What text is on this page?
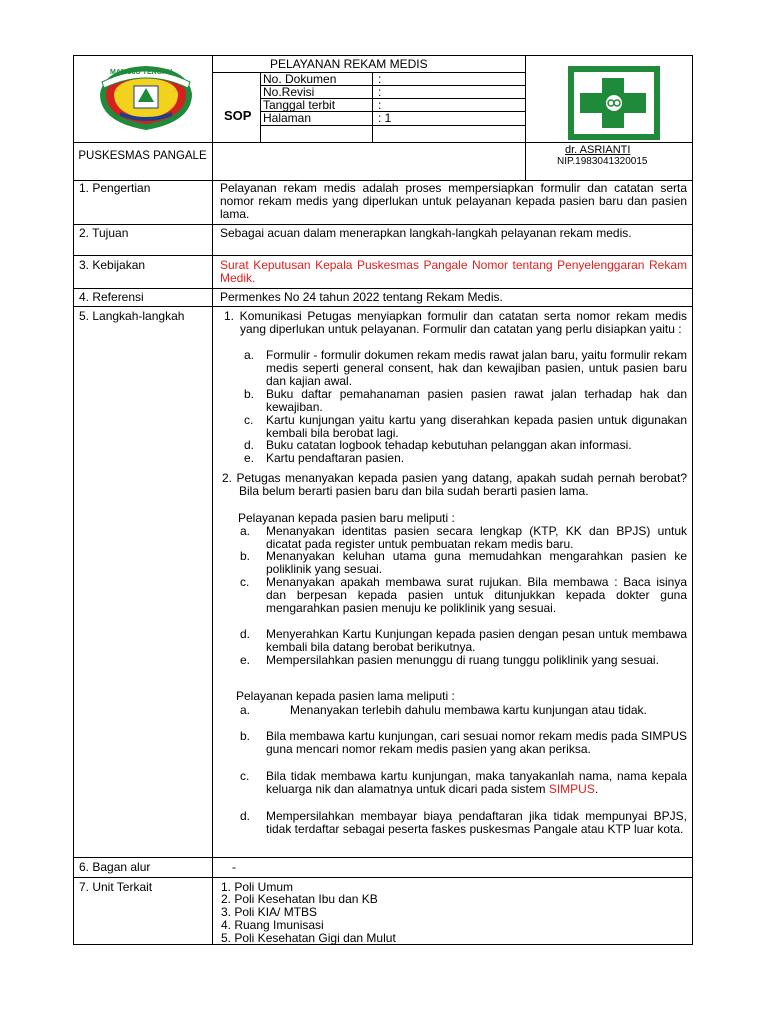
MAMUJU TENGAH
PELAYANAN REKAM MEDIS
SOP
No. Dokumen	:
No.Revisi	:
Tanggal terbit	:
Halaman	: 1
PUSKESMAS PANGALE	dr. ASRIANTI
NIP.1983041320015
1. Pengertian	Pelayanan rekam medis adalah proses mempersiapkan formulir dan catatan serta nomor rekam medis yang diperlukan untuk pelayanan kepada pasien baru dan pasien lama.
2. Tujuan	Sebagai acuan dalam menerapkan langkah-langkah pelayanan rekam medis.
3. Kebijakan	Surat Keputusan Kepala Puskesmas Pangale Nomor tentang Penyelenggaran Rekam Medik.
4. Referensi	Permenkes No 24 tahun 2022 tentang Rekam Medis.
5. Langkah-langkah	1. Komunikasi Petugas menyiapkan formulir dan catatan serta nomor rekam medis yang diperlukan untuk pelayanan. Formulir dan catatan yang perlu disiapkan yaitu :
a. Formulir - formulir dokumen rekam medis rawat jalan baru, yaitu formulir rekam medis seperti general consent, hak dan kewajiban pasien, untuk pasien baru dan kajian awal.
b. Buku daftar pemahanaman pasien pasien rawat jalan terhadap hak dan kewajiban.
c. Kartu kunjungan yaitu kartu yang diserahkan kepada pasien untuk digunakan kembali bila berobat lagi.
d. Buku catatan logbook tehadap kebutuhan pelanggan akan informasi.
e. Kartu pendaftaran pasien.
2. Petugas menanyakan kepada pasien yang datang, apakah sudah pernah berobat? Bila belum berarti pasien baru dan bila sudah berarti pasien lama.
Pelayanan kepada pasien baru meliputi :
a. Menanyakan identitas pasien secara lengkap (KTP, KK dan BPJS) untuk dicatat pada register untuk pembuatan rekam medis baru.
b. Menanyakan keluhan utama guna memudahkan mengarahkan pasien ke poliklinik yang sesuai.
c. Menanyakan apakah membawa surat rujukan. Bila membawa : Baca isinya dan berpesan kepada pasien untuk ditunjukkan kepada dokter guna mengarahkan pasien menuju ke poliklinik yang sesuai.
d. Menyerahkan Kartu Kunjungan kepada pasien dengan pesan untuk membawa kembali bila datang berobat berikutnya.
e. Mempersilahkan pasien menunggu di ruang tunggu poliklinik yang sesuai.
Pelayanan kepada pasien lama meliputi :
a.	Menanyakan terlebih dahulu membawa kartu kunjungan atau tidak.
b. Bila membawa kartu kunjungan, cari sesuai nomor rekam medis pada SIMPUS guna mencari nomor rekam medis pasien yang akan periksa.
c. Bila tidak membawa kartu kunjungan, maka tanyakanlah nama, nama kepala keluarga nik dan alamatnya untuk dicari pada sistem SIMPUS.
d. Mempersilahkan membayar biaya pendaftaran jika tidak mempunyai BPJS, tidak terdaftar sebagai peserta faskes puskesmas Pangale atau KTP luar kota.
6. Bagan alur	-
7. Unit Terkait	1. Poli Umum
2. Poli Kesehatan Ibu dan KB
3. Poli KIA/ MTBS
4. Ruang Imunisasi
5. Poli Kesehatan Gigi dan Mulut
